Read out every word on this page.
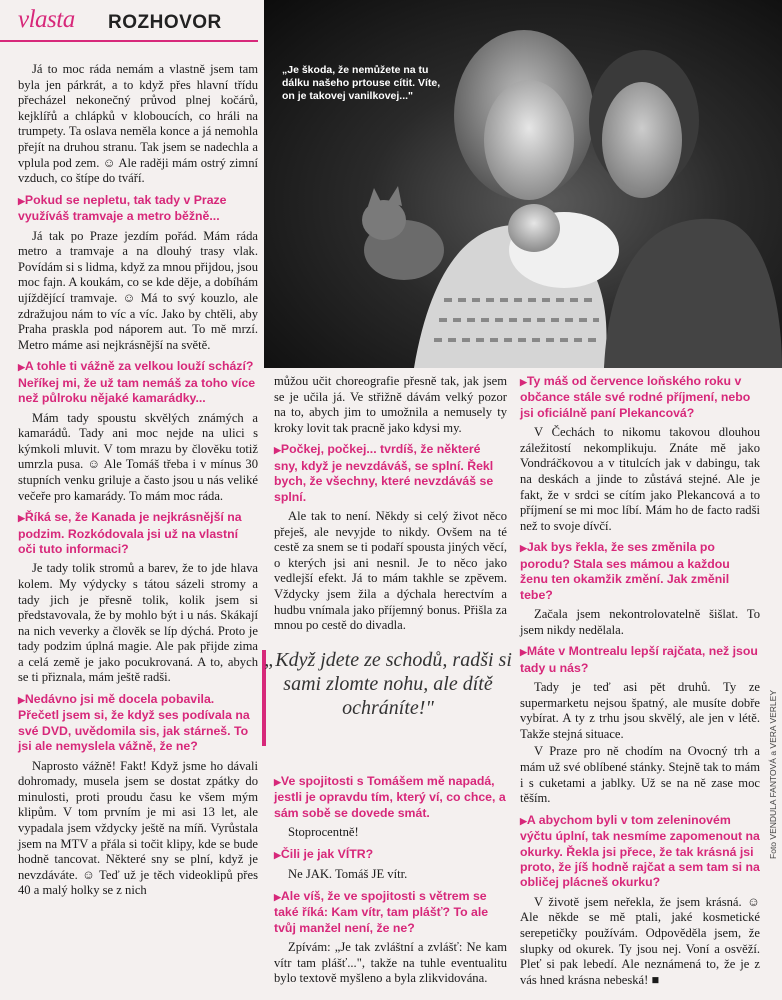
vlasta ROZHOVOR
„Je škoda, že nemůžete na tu dálku našeho prtouse cítit. Víte, on je takovej vanilkovej..."

Já to moc ráda nemám a vlastně jsem tam byla jen párkrát, a to když přes hlavní třídu přecházel nekonečný průvod plnej kočárů, kejklířů a chlápků v kloboucích, co hráli na trumpety. Ta oslava neměla konce a já nemohla přejít na druhou stranu. Tak jsem se nadechla a vplula pod zem. ☺ Ale raději mám ostrý zimní vzduch, co štípe do tváří.

▶ Pokud se nepletu, tak tady v Praze využíváš tramvaje a metro běžně...

Já tak po Praze jezdím pořád. Mám ráda metro a tramvaje a na dlouhý trasy vlak. Povídám si s lidma, když za mnou přijdou, jsou moc fajn. A koukám, co se kde děje, a dobíhám ujíždějící tramvaje. ☺ Má to svý kouzlo, ale zdražujou nám to víc a víc. Jako by chtěli, aby Praha praskla pod náporem aut. To mě mrzí. Metro máme asi nejkrásnější na světě.

▶ A tohle ti vážně za velkou louží schází? Neříkej mi, že už tam nemáš za toho více než půlroku nějaké kamarádky...

Mám tady spoustu skvělých známých a kamarádů. Tady ani moc nejde na ulici s kýmkoli mluvit. V tom mrazu by člověku totiž umrzla pusa. ☺ Ale Tomáš třeba i v mínus 30 stupních venku griluje a často jsou u nás veliké večeře pro kamarády. To mám moc ráda.

▶ Říká se, že Kanada je nejkrásnější na podzim. Rozkódovala jsi už na vlastní oči tuto informaci?

Je tady tolik stromů a barev, že to jde hlava kolem. My výdycky s tátou sázeli stromy a tady jich je přesně tolik, kolik jsem si představovala, že by mohlo být i u nás. Skákají na nich veverky a člověk se líp dýchá. Proto je tady podzim úplná magie. Ale pak přijde zima a celá země je jako pocukrovaná. A to, abych se ti přiznala, mám ještě radši.

▶ Nedávno jsi mě docela pobavila. Přečetl jsem si, že když ses podívala na své DVD, uvědomila sis, jak stárneš. To jsi ale nemyslela vážně, že ne?

Naprosto vážně! Fakt! Když jsme ho dávali dohromady, musela jsem se dostat zpátky do minulosti, proti proudu času ke všem mým klipům. V tom prvním je mi asi 13 let, ale vypadala jsem vždycky ještě na míň. Vyrůstala jsem na MTV a přála si točit klipy, kde se bude hodně tancovat. Některé sny se plní, když je nevzdáváte. ☺ Teď už je těch videoklipů přes 40 a malý holky se z nich

můžou učit choreografie přesně tak, jak jsem se je učila já. Ve střižně dávám velký pozor na to, abych jim to umožnila a nemusely ty kroky lovit tak pracně jako kdysi my.

▶ Počkej, počkej... tvrdíš, že některé sny, když je nevzdáváš, se splní. Řekl bych, že všechny, které nevzdáváš se splní.

Ale tak to není. Někdy si celý život něco přeješ, ale nevyjde to nikdy. Ovšem na té cestě za snem se ti podaří spousta jiných věcí, o kterých jsi ani nesnil. Je to něco jako vedlejší efekt. Já to mám takhle se zpěvem. Vždycky jsem žila a dýchala herectvím a hudbu vnímala jako příjemný bonus. Přišla za mnou po cestě do divadla.

„Když jdete ze schodů, radši si sami zlomte nohu, ale dítě ochráníte!"
▶ Ve spojitosti s Tomášem mě napadá, jestli je opravdu tím, který ví, co chce, a sám sobě se dovede smát.

Stoprocentně!

▶ Čili je jak VÍTR?

Ne JAK. Tomáš JE vítr.

▶ Ale víš, že ve spojitosti s větrem se také říká: Kam vítr, tam plášť? To ale tvůj manžel není, že ne?

Zpívám: „Je tak zvláštní a zvlášť: Ne kam vítr tam plášť...", takže na tuhle eventualitu bylo textově myšleno a byla zlikvidována.

▶ Ty máš od července loňského roku v občance stále své rodné příjmení, nebo jsi oficiálně paní Plekancová?

V Čechách to nikomu takovou dlouhou záležitostí nekomplikuju. Znáte mě jako Vondráčkovou a v titulcích jak v dabingu, tak na deskách a jinde to zůstává stejné. Ale je fakt, že v srdci se cítím jako Plekancová a to příjmení se mi moc líbí. Mám ho de facto radši než to svoje dívčí.

▶ Jak bys řekla, že ses změnila po porodu? Stala ses mámou a každou ženu ten okamžik změní. Jak změnil tebe?

Začala jsem nekontrolovatelně šišlat. To jsem nikdy nedělala.

▶ Máte v Montrealu lepší rajčata, než jsou tady u nás?

Tady je teď asi pět druhů. Ty ze supermarketu nejsou špatný, ale musíte dobře vybírat. A ty z trhu jsou skvělý, ale jen v létě. Takže stejná situace.

V Praze pro ně chodím na Ovocný trh a mám už své oblíbené stánky. Stejně tak to mám i s cuketami a jablky. Už se na ně zase moc těším.

▶ A abychom byli v tom zeleninovém výčtu úplní, tak nesmíme zapomenout na okurky. Řekla jsi přece, že tak krásná jsi proto, že jíš hodně rajčat a sem tam si na obličej plácneš okurku?

V životě jsem neřekla, že jsem krásná. ☺ Ale někde se mě ptali, jaké kosmetické serepetičky používám. Odpověděla jsem, že slupky od okurek. Ty jsou nej. Voní a osvěží. Pleť si pak lebedí. Ale neznámená to, že je z vás hned krásna nebeská! ■

Foto VENDULA FANTOVÁ a VERA VERLEY
